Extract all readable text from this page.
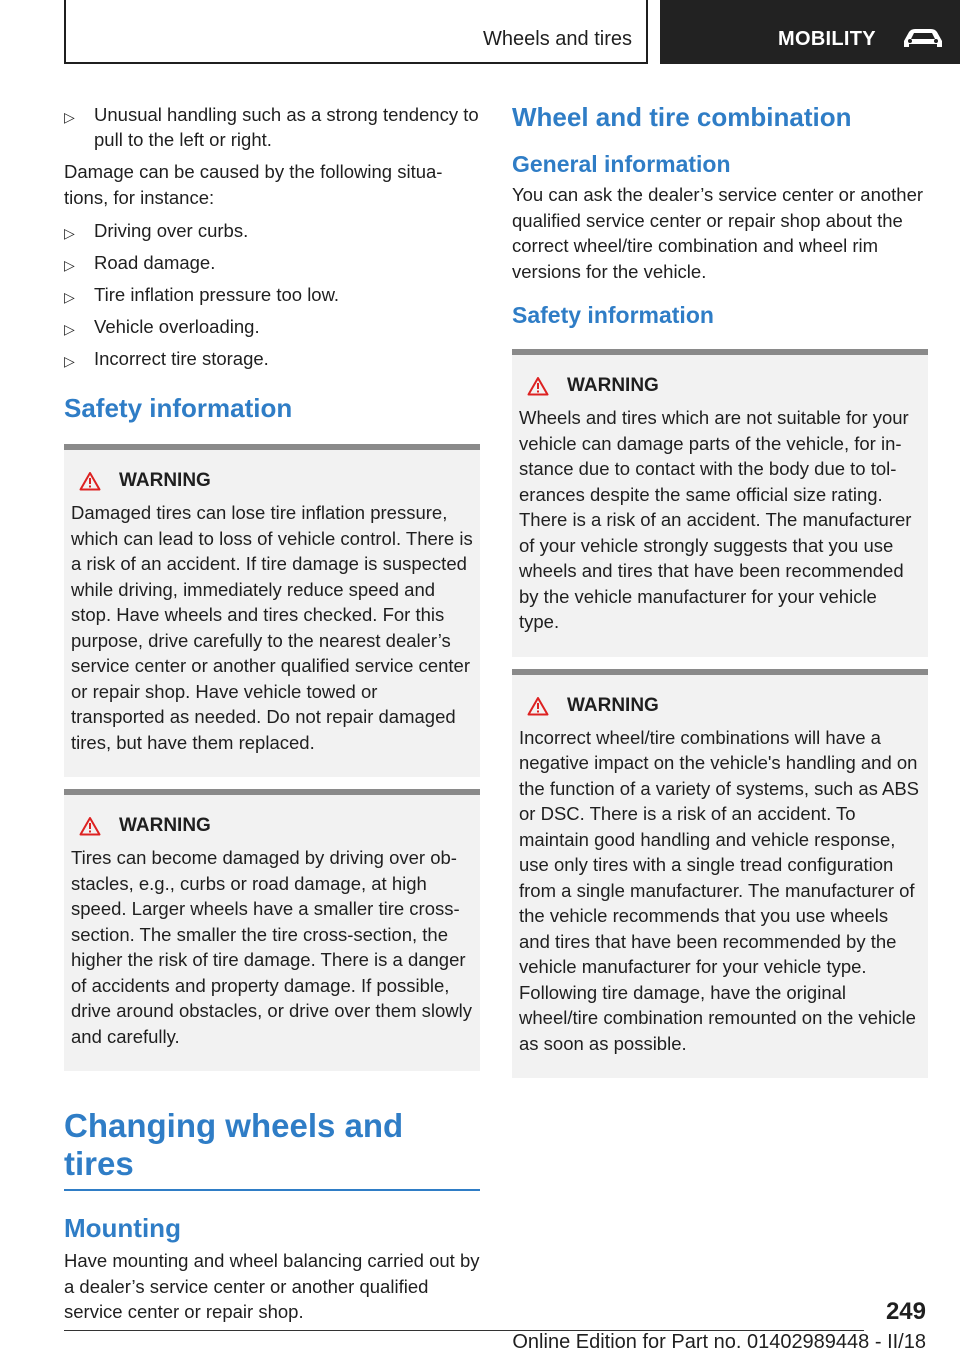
Wheels and tires	MOBILITY
▷ Unusual handling such as a strong tendency to pull to the left or right.

Damage can be caused by the following situations, for instance:

▷ Driving over curbs.
▷ Road damage.
▷ Tire inflation pressure too low.
▷ Vehicle overloading.
▷ Incorrect tire storage.
Safety information
WARNING
Damaged tires can lose tire inflation pressure, which can lead to loss of vehicle control. There is a risk of an accident. If tire damage is suspected while driving, immediately reduce speed and stop. Have wheels and tires checked. For this purpose, drive carefully to the nearest dealer’s service center or another qualified service center or repair shop. Have vehicle towed or transported as needed. Do not repair damaged tires, but have them replaced.
WARNING
Tires can become damaged by driving over obstacles, e.g., curbs or road damage, at high speed. Larger wheels have a smaller tire cross-section. The smaller the tire cross-section, the higher the risk of tire damage. There is a danger of accidents and property damage. If possible, drive around obstacles, or drive over them slowly and carefully.
Changing wheels and tires
Mounting

Have mounting and wheel balancing carried out by a dealer’s service center or another qualified service center or repair shop.

Wheel and tire combination
General information

You can ask the dealer’s service center or another qualified service center or repair shop about the correct wheel/tire combination and wheel rim versions for the vehicle.

Safety information
WARNING
Wheels and tires which are not suitable for your vehicle can damage parts of the vehicle, for instance due to contact with the body due to tolerances despite the same official size rating. There is a risk of an accident. The manufacturer of your vehicle strongly suggests that you use wheels and tires that have been recommended by the vehicle manufacturer for your vehicle type.
WARNING
Incorrect wheel/tire combinations will have a negative impact on the vehicle's handling and on the function of a variety of systems, such as ABS or DSC. There is a risk of an accident. To maintain good handling and vehicle response, use only tires with a single tread configuration from a single manufacturer. The manufacturer of the vehicle recommends that you use wheels and tires that have been recommended by the vehicle manufacturer for your vehicle type. Following tire damage, have the original wheel/tire combination remounted on the vehicle as soon as possible.
249
Online Edition for Part no. 01402989448 - II/18
